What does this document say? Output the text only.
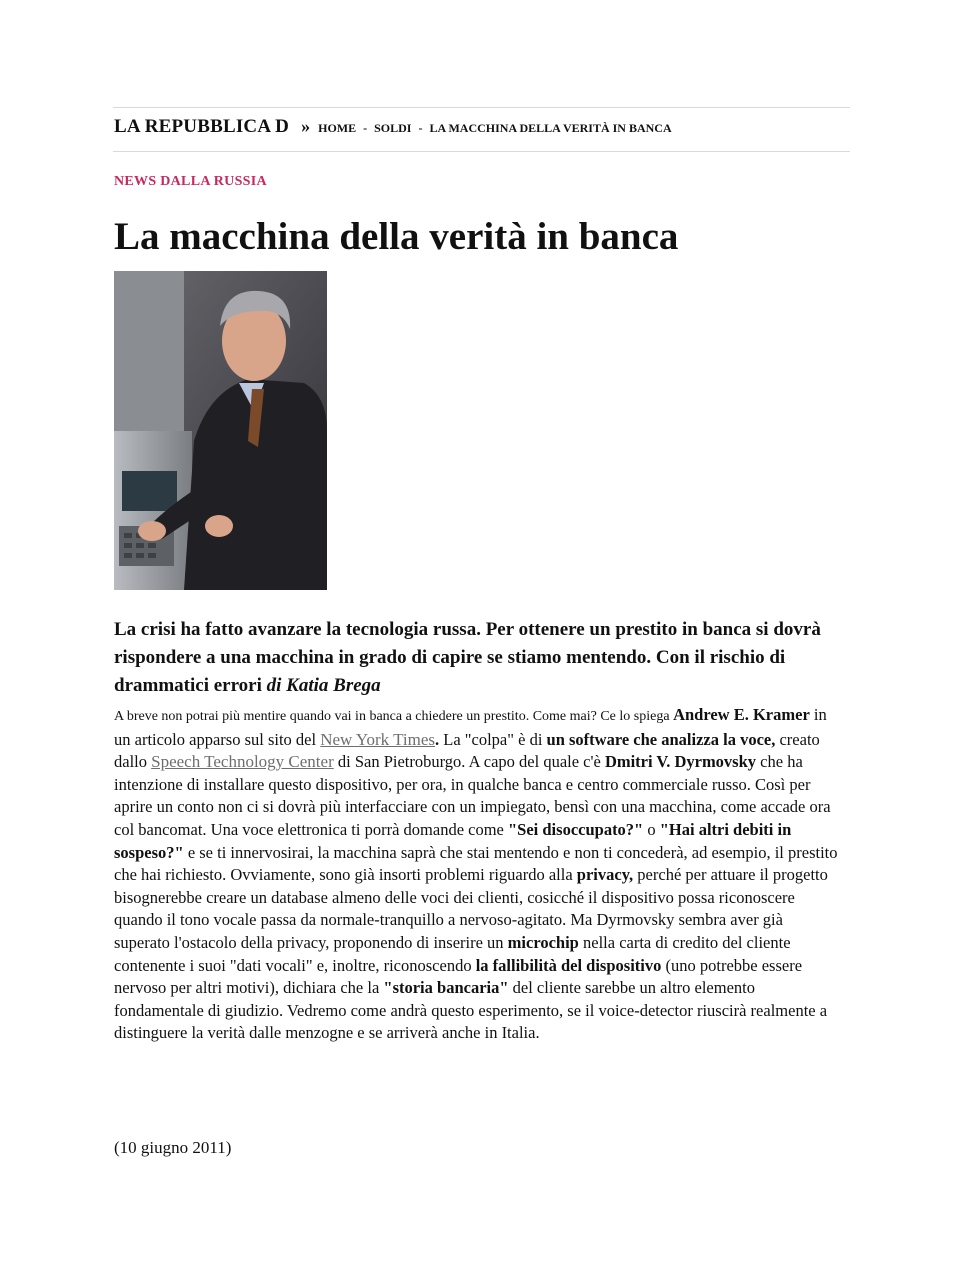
LA REPUBBLICA D » HOME - SOLDI - LA MACCHINA DELLA VERITÀ IN BANCA
NEWS DALLA RUSSIA
La macchina della verità in banca

La crisi ha fatto avanzare la tecnologia russa. Per ottenere un prestito in banca si dovrà rispondere a una macchina in grado di capire se stiamo mentendo. Con il rischio di drammatici errori di Katia Brega

A breve non potrai più mentire quando vai in banca a chiedere un prestito. Come mai? Ce lo spiega Andrew E. Kramer in un articolo apparso sul sito del New York Times. La "colpa" è di un software che analizza la voce, creato dallo Speech Technology Center di San Pietroburgo. A capo del quale c'è Dmitri V. Dyrmovsky che ha intenzione di installare questo dispositivo, per ora, in qualche banca e centro commerciale russo. Così per aprire un conto non ci si dovrà più interfacciare con un impiegato, bensì con una macchina, come accade ora col bancomat. Una voce elettronica ti porrà domande come "Sei disoccupato?" o "Hai altri debiti in sospeso?" e se ti innervosirai, la macchina saprà che stai mentendo e non ti concederà, ad esempio, il prestito che hai richiesto. Ovviamente, sono già insorti problemi riguardo alla privacy, perché per attuare il progetto bisognerebbe creare un database almeno delle voci dei clienti, cosicché il dispositivo possa riconoscere quando il tono vocale passa da normale-tranquillo a nervoso-agitato. Ma Dyrmovsky sembra aver già superato l'ostacolo della privacy, proponendo di inserire un microchip nella carta di credito del cliente contenente i suoi "dati vocali" e, inoltre, riconoscendo la fallibilità del dispositivo (uno potrebbe essere nervoso per altri motivi), dichiara che la "storia bancaria" del cliente sarebbe un altro elemento fondamentale di giudizio. Vedremo come andrà questo esperimento, se il voice-detector riuscirà realmente a distinguere la verità dalle menzogne e se arriverà anche in Italia.

(10 giugno 2011)
